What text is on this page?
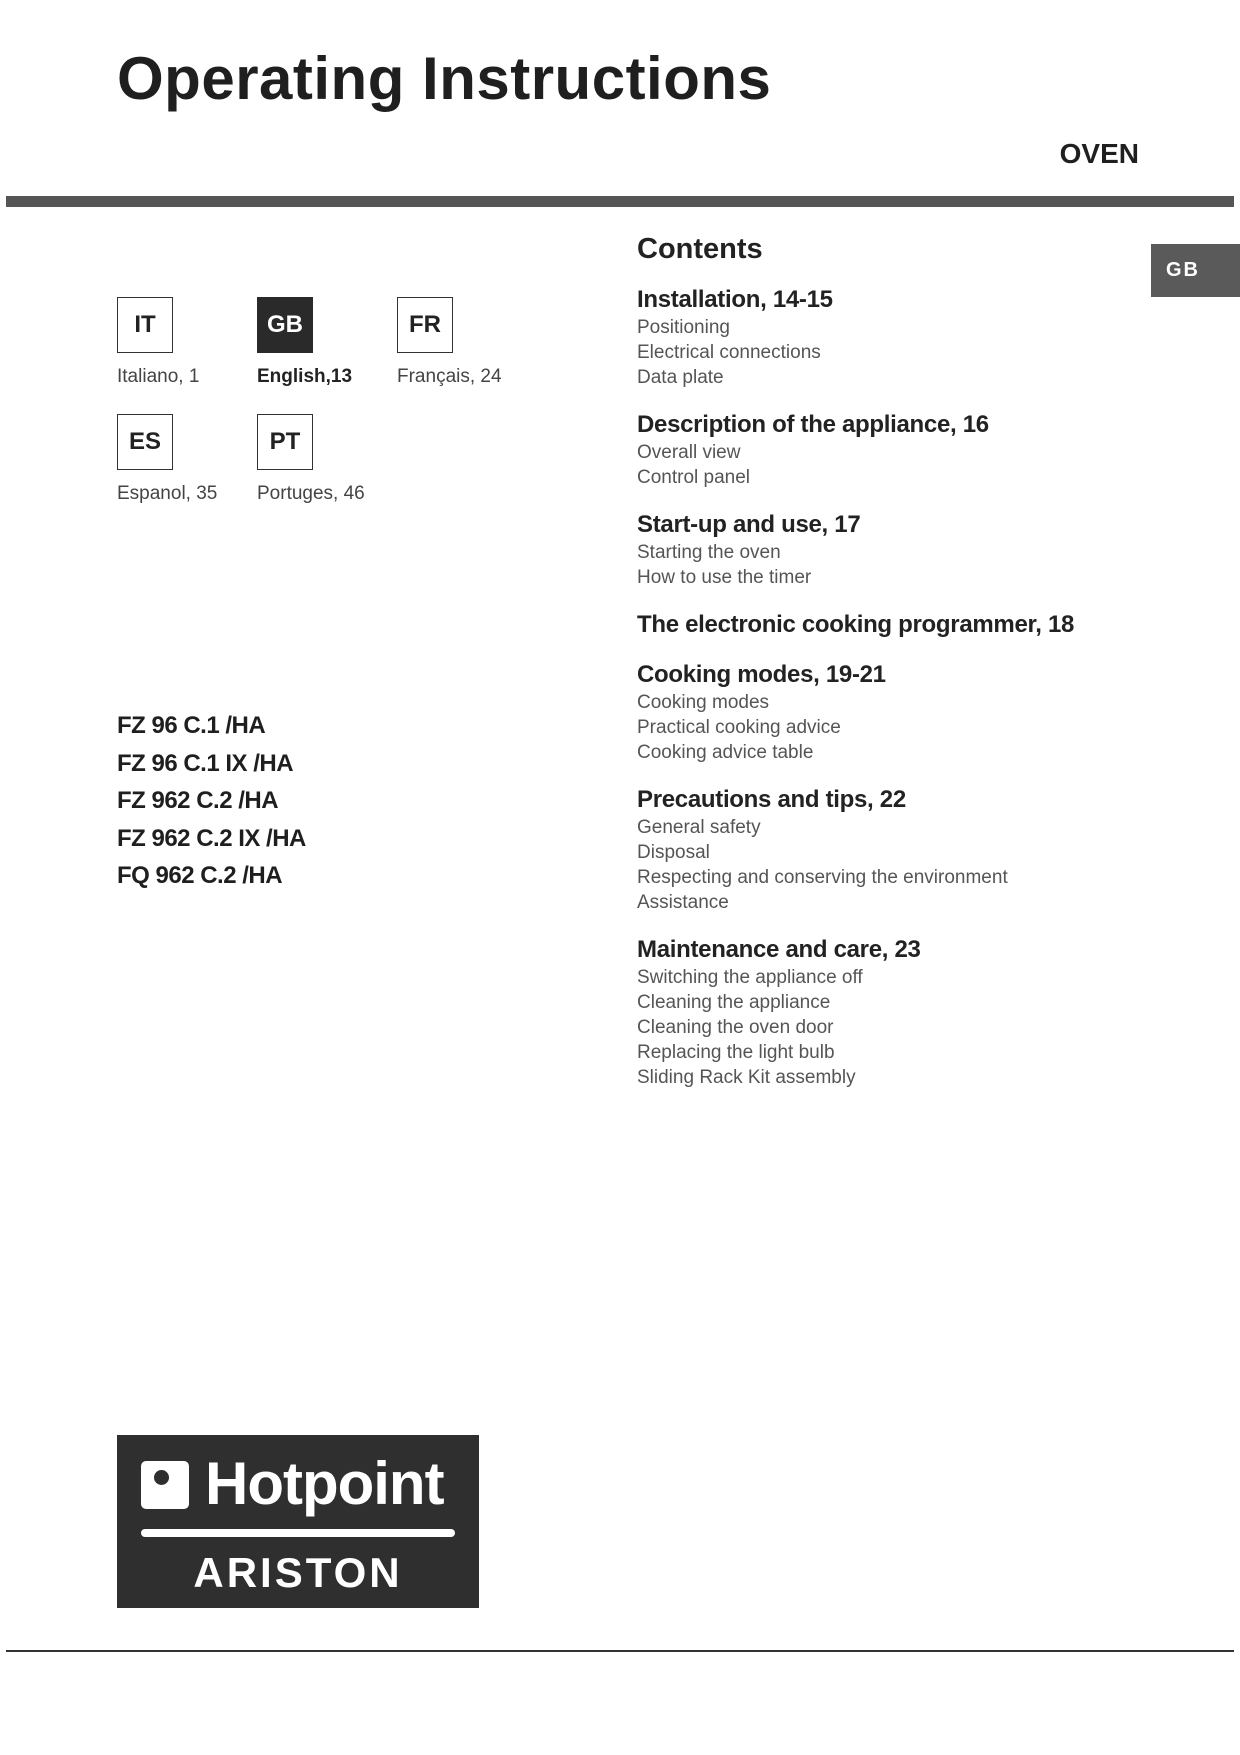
Operating Instructions
OVEN
GB
IT
Italiano, 1
GB
English,13
FR
Français, 24
ES
Espanol, 35
PT
Portuges, 46
FZ 96 C.1 /HA
FZ 96 C.1 IX /HA
FZ 962 C.2 /HA
FZ 962 C.2 IX /HA
FQ 962 C.2 /HA
Contents
Installation, 14-15
Positioning
Electrical connections
Data plate
Description of the appliance, 16
Overall view
Control panel
Start-up and use, 17
Starting the oven
How to use the timer
The electronic cooking programmer, 18
Cooking modes, 19-21
Cooking modes
Practical cooking advice
Cooking advice table
Precautions and tips, 22
General safety
Disposal
Respecting and conserving the environment
Assistance
Maintenance and care, 23
Switching the appliance off
Cleaning the appliance
Cleaning the oven door
Replacing the light bulb
Sliding Rack Kit assembly
Hotpoint
ARISTON
